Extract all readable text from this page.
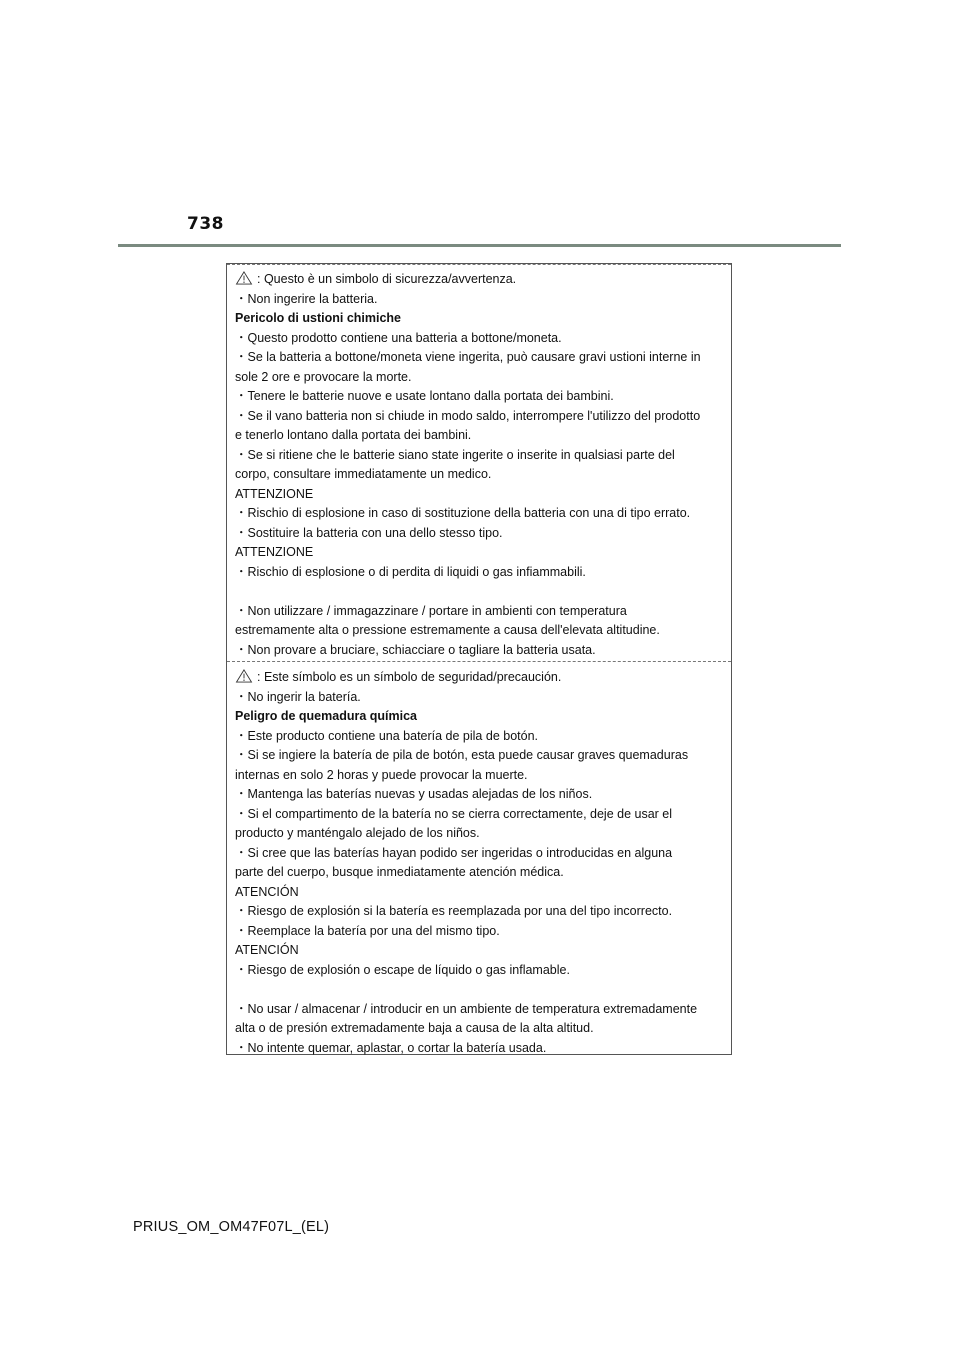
738
: Questo è un simbolo di sicurezza/avvertenza.
・Non ingerire la batteria.
Pericolo di ustioni chimiche
・Questo prodotto contiene una batteria a bottone/moneta.
・Se la batteria a bottone/moneta viene ingerita, può causare gravi ustioni interne in
sole 2 ore e provocare la morte.
・Tenere le batterie nuove e usate lontano dalla portata dei bambini.
・Se il vano batteria non si chiude in modo saldo, interrompere l'utilizzo del prodotto
e tenerlo lontano dalla portata dei bambini.
・Se si ritiene che le batterie siano state ingerite o inserite in qualsiasi parte del
corpo, consultare immediatamente un medico.
ATTENZIONE
・Rischio di esplosione in caso di sostituzione della batteria con una di tipo errato.
・Sostituire la batteria con una dello stesso tipo.
ATTENZIONE
・Rischio di esplosione o di perdita di liquidi o gas infiammabili.
・Non utilizzare / immagazzinare / portare in ambienti con temperatura
estremamente alta o pressione estremamente a causa dell'elevata altitudine.
・Non provare a bruciare, schiacciare o tagliare la batteria usata.
: Este símbolo es un símbolo de seguridad/precaución.
・No ingerir la batería.
Peligro de quemadura química
・Este producto contiene una batería de pila de botón.
・Si se ingiere la batería de pila de botón, esta puede causar graves quemaduras
internas en solo 2 horas y puede provocar la muerte.
・Mantenga las baterías nuevas y usadas alejadas de los niños.
・Si el compartimento de la batería no se cierra correctamente, deje de usar el
producto y manténgalo alejado de los niños.
・Si cree que las baterías hayan podido ser ingeridas o introducidas en alguna
parte del cuerpo, busque inmediatamente atención médica.
ATENCIÓN
・Riesgo de explosión si la batería es reemplazada por una del tipo incorrecto.
・Reemplace la batería por una del mismo tipo.
ATENCIÓN
・Riesgo de explosión o escape de líquido o gas inflamable.
・No usar / almacenar / introducir en un ambiente de temperatura extremadamente
alta o de presión extremadamente baja a causa de la alta altitud.
・No intente quemar, aplastar, o cortar la batería usada.
PRIUS_OM_OM47F07L_(EL)
